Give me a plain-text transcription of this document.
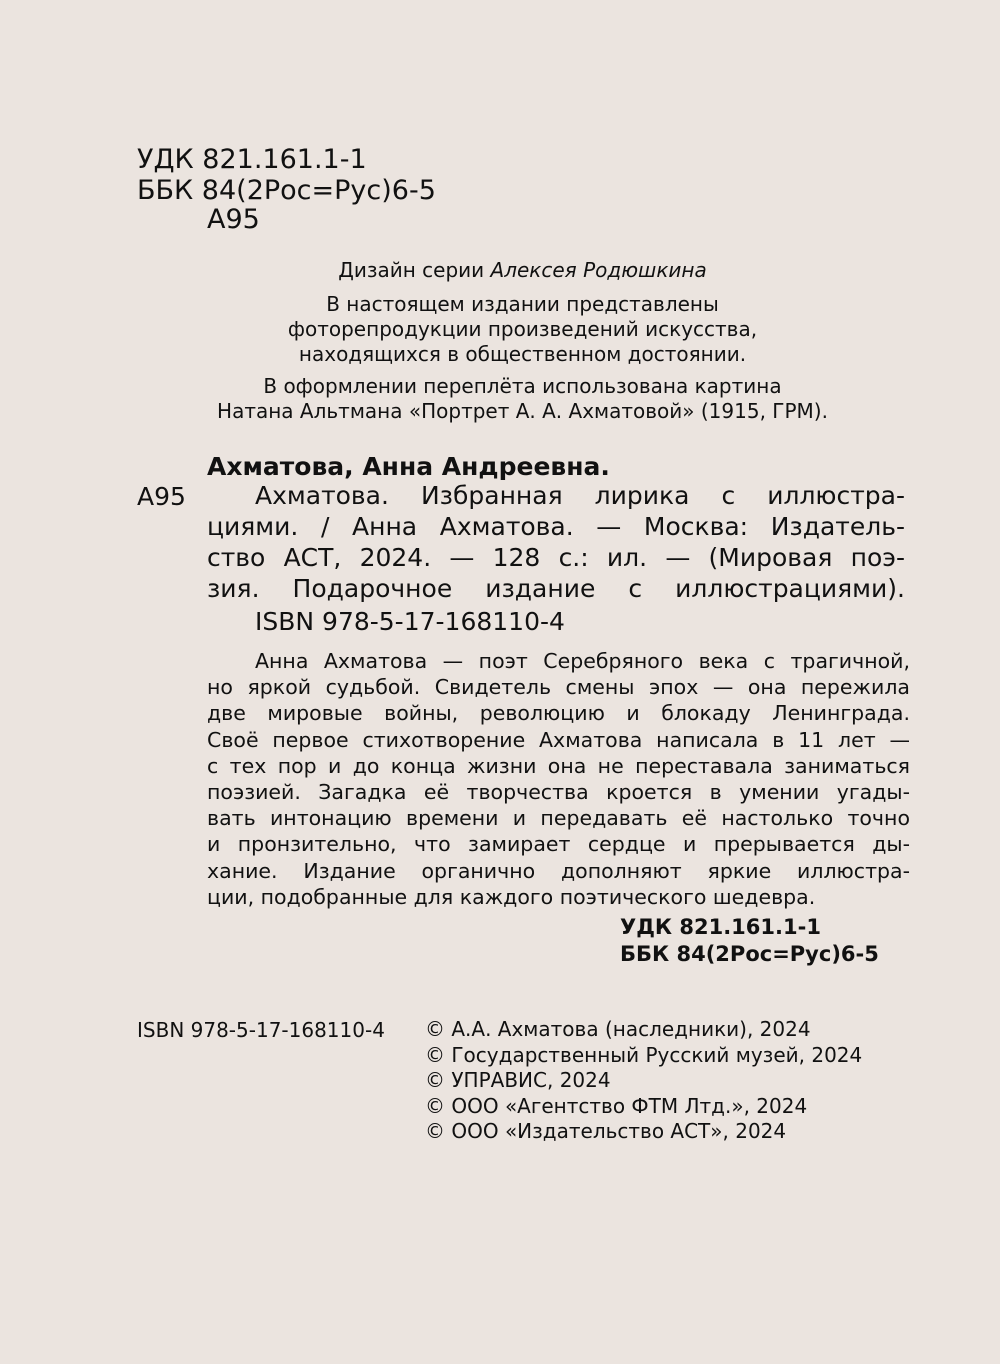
УДК 821.161.1-1
ББК 84(2Рос=Рус)6-5
А95
Дизайн серии Алексея Родюшкина
В настоящем издании представлены
фоторепродукции произведений искусства,
находящихся в общественном достоянии.
В оформлении переплёта использована картина
Натана Альтмана «Портрет А. А. Ахматовой» (1915, ГРМ).
Ахматова, Анна Андреевна.
А95	Ахматова. Избранная лирика с иллюстра-
циями. / Анна Ахматова. — Москва: Издатель-
ство АСТ, 2024. — 128 с.: ил. — (Мировая поэ-
зия. Подарочное издание с иллюстрациями).
ISBN 978-5-17-168110-4
Анна Ахматова — поэт Серебряного века с трагичной,
но яркой судьбой. Свидетель смены эпох — она пережила
две мировые войны, революцию и блокаду Ленинграда.
Своё первое стихотворение Ахматова написала в 11 лет —
с тех пор и до конца жизни она не переставала заниматься
поэзией. Загадка её творчества кроется в умении угады-
вать интонацию времени и передавать её настолько точно
и пронзительно, что замирает сердце и прерывается ды-
хание. Издание органично дополняют яркие иллюстра-
ции, подобранные для каждого поэтического шедевра.
УДК 821.161.1-1
ББК 84(2Рос=Рус)6-5
ISBN 978-5-17-168110-4 © А.А. Ахматова (наследники), 2024
© Государственный Русский музей, 2024
© УПРАВИС, 2024
© ООО «Агентство ФТМ Лтд.», 2024
© ООО «Издательство АСТ», 2024
